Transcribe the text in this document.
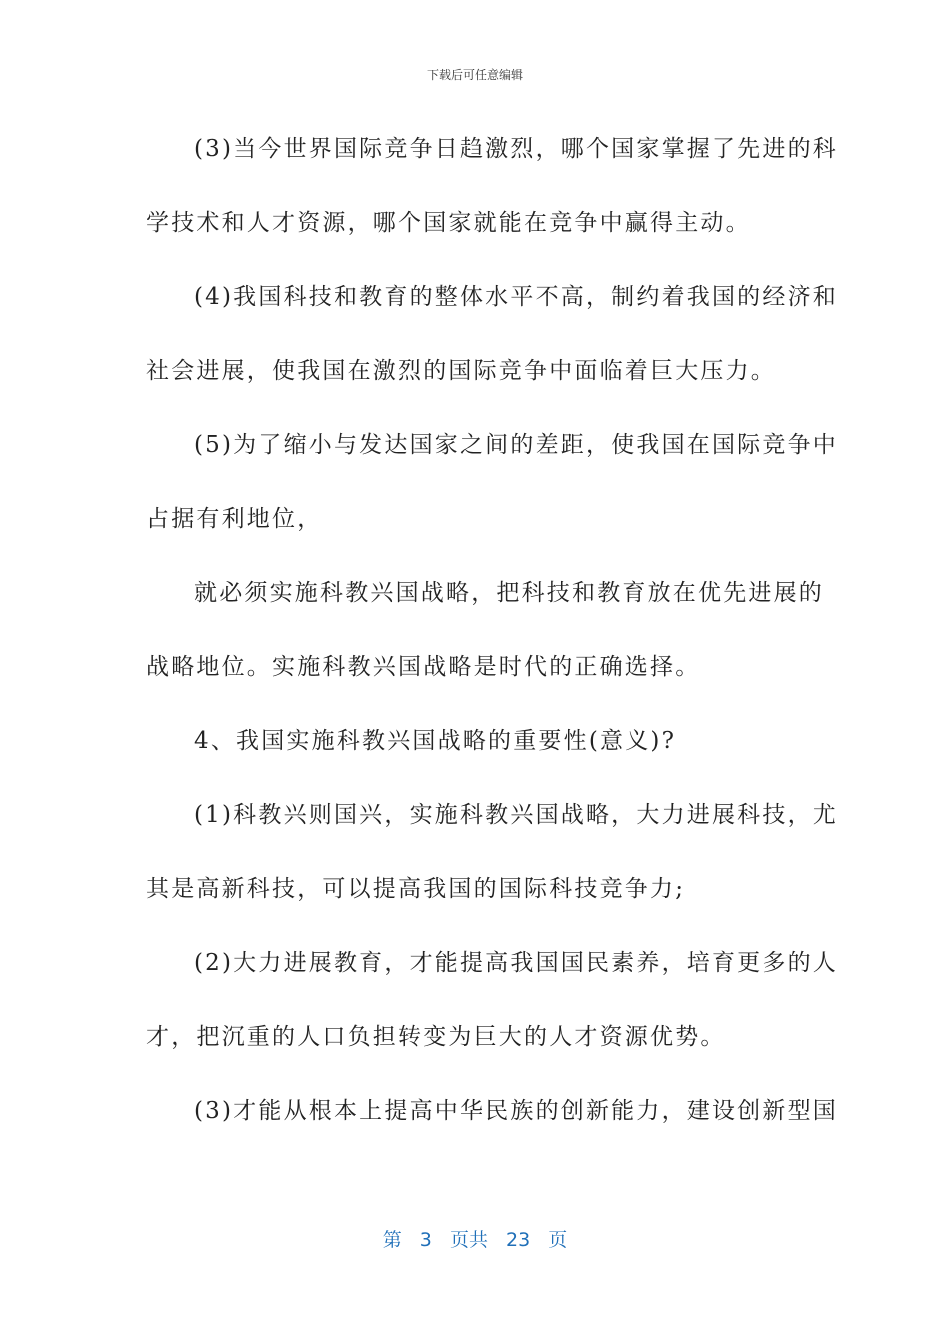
下载后可任意编辑
(3)当今世界国际竞争日趋激烈，哪个国家掌握了先进的科
学技术和人才资源，哪个国家就能在竞争中赢得主动。
(4)我国科技和教育的整体水平不高，制约着我国的经济和
社会进展，使我国在激烈的国际竞争中面临着巨大压力。
(5)为了缩小与发达国家之间的差距，使我国在国际竞争中
占据有利地位，
就必须实施科教兴国战略，把科技和教育放在优先进展的
战略地位。实施科教兴国战略是时代的正确选择。
4、我国实施科教兴国战略的重要性(意义)?
(1)科教兴则国兴，实施科教兴国战略，大力进展科技，尤
其是高新科技，可以提高我国的国际科技竞争力;
(2)大力进展教育，才能提高我国国民素养，培育更多的人
才，把沉重的人口负担转变为巨大的人才资源优势。
(3)才能从根本上提高中华民族的创新能力，建设创新型国
第 3 页共 23 页
